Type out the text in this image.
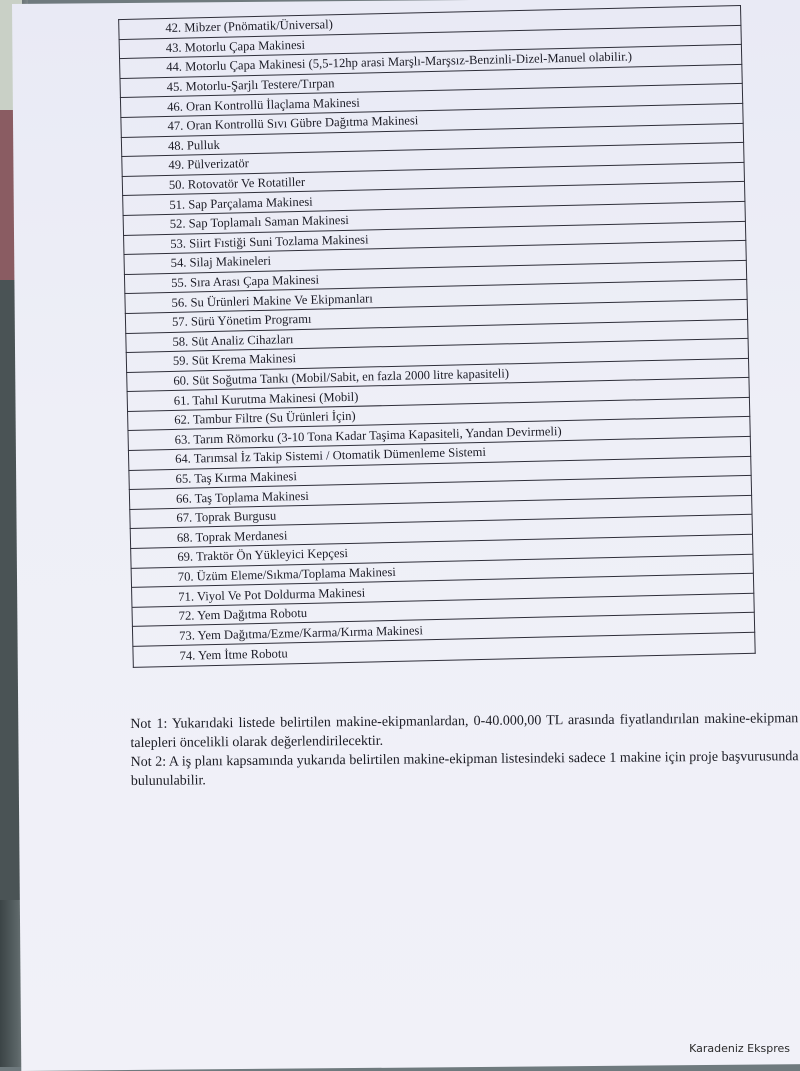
42. Mibzer (Pnömatik/Üniversal)
43. Motorlu Çapa Makinesi
44. Motorlu Çapa Makinesi (5,5-12hp arasi Marşlı-Marşsız-Benzinli-Dizel-Manuel olabilir.)
45. Motorlu-Şarjlı Testere/Tırpan
46. Oran Kontrollü İlaçlama Makinesi
47. Oran Kontrollü Sıvı Gübre Dağıtma Makinesi
48. Pulluk
49. Pülverizatör
50. Rotovatör Ve Rotatiller
51. Sap Parçalama Makinesi
52. Sap Toplamalı Saman Makinesi
53. Siirt Fıstiği Suni Tozlama Makinesi
54. Silaj Makineleri
55. Sıra Arası Çapa Makinesi
56. Su Ürünleri Makine Ve Ekipmanları
57. Sürü Yönetim Programı
58. Süt Analiz Cihazları
59. Süt Krema Makinesi
60. Süt Soğutma Tankı (Mobil/Sabit, en fazla 2000 litre kapasiteli)
61. Tahıl Kurutma Makinesi (Mobil)
62. Tambur Filtre (Su Ürünleri İçin)
63. Tarım Römorku (3-10 Tona Kadar Taşima Kapasiteli, Yandan Devirmeli)
64. Tarımsal İz Takip Sistemi / Otomatik Dümenleme Sistemi
65. Taş Kırma Makinesi
66. Taş Toplama Makinesi
67. Toprak Burgusu
68. Toprak Merdanesi
69. Traktör Ön Yükleyici Kepçesi
70. Üzüm Eleme/Sıkma/Toplama Makinesi
71. Viyol Ve Pot Doldurma Makinesi
72. Yem Dağıtma Robotu
73. Yem Dağıtma/Ezme/Karma/Kırma Makinesi
74. Yem İtme Robotu

Not 1: Yukarıdaki listede belirtilen makine-ekipmanlardan, 0-40.000,00 TL arasında fiyatlandırılan makine-ekipman talepleri öncelikli olarak değerlendirilecektir.

Not 2: A iş planı kapsamında yukarıda belirtilen makine-ekipman listesindeki sadece 1 makine için proje başvurusunda bulunulabilir.

Karadeniz Ekspres
